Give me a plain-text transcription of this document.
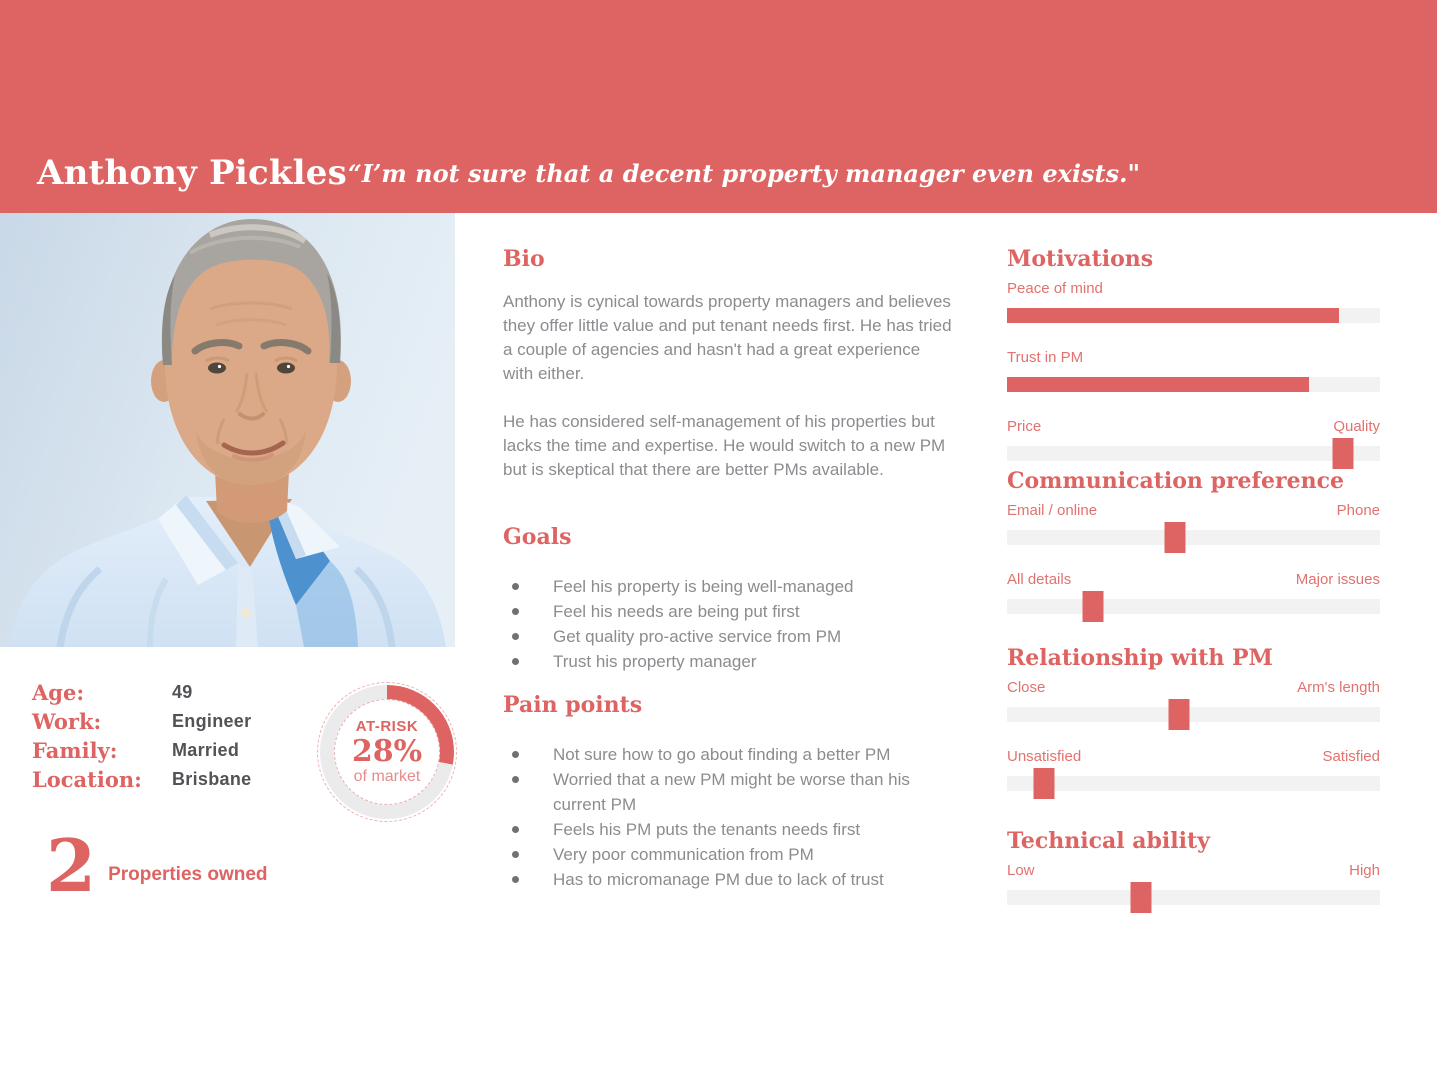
Anthony Pickles “I’m not sure that a decent property manager even exists."
Age:	49
Work:	Engineer
Family:	Married
Location:	Brisbane
AT-RISK
28%
of market
2 Properties owned
Bio

Anthony is cynical towards property managers and believes they offer little value and put tenant needs first. He has tried a couple of agencies and hasn't had a great experience with either.

He has considered self-management of his properties but lacks the time and expertise. He would switch to a new PM but is skeptical that there are better PMs available.

Goals
Feel his property is being well-managed
Feel his needs are being put first
Get quality pro-active service from PM
Trust his property manager
Pain points
Not sure how to go about finding a better PM
Worried that a new PM might be worse than his current PM
Feels his PM puts the tenants needs first
Very poor communication from PM
Has to micromanage PM due to lack of trust
Motivations
Peace of mind
Trust in PM
Price	Quality
Communication preference
Email / online	Phone
All details	Major issues
Relationship with PM
Close	Arm's length
Unsatisfied	Satisfied
Technical ability
Low	High
